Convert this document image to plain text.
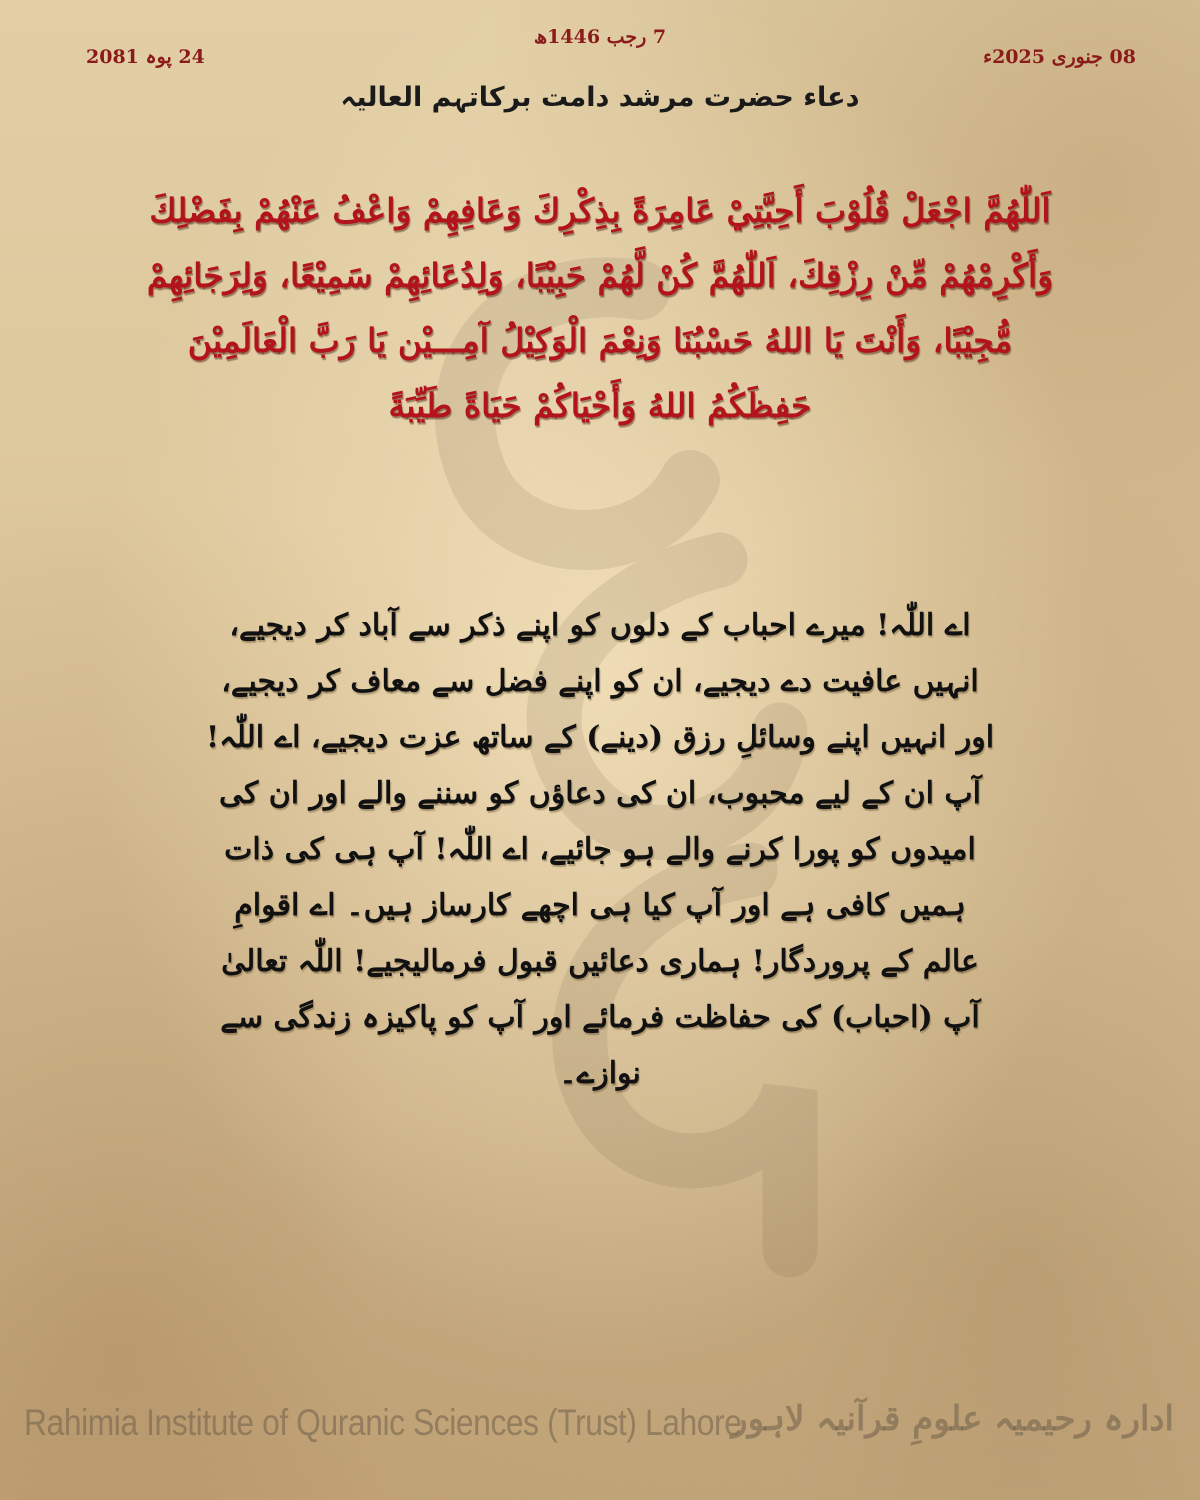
08 جنوری 2025ء

7 رجب 1446ھ

24 پوہ 2081

دعاء حضرت مرشد دامت برکاتہم العالیہ

اَللّٰهُمَّ اجْعَلْ قُلُوْبَ أَحِبَّتِيْ عَامِرَةً بِذِكْرِكَ وَعَافِهِمْ وَاعْفُ عَنْهُمْ بِفَضْلِكَ وَأَكْرِمْهُمْ مِّنْ رِزْقِكَ، اَللّٰهُمَّ كُنْ لَّهُمْ حَبِيْبًا، وَلِدُعَائِهِمْ سَمِيْعًا، وَلِرَجَائِهِمْ مُّجِيْبًا، وَأَنْتَ يَا اللهُ حَسْبُنَا وَنِعْمَ الْوَكِيْلُ آمِـــيْن يَا رَبَّ الْعَالَمِيْنَ حَفِظَكُمُ اللهُ وَأَحْيَاكُمْ حَيَاةً طَيِّبَةً

اے اللّٰہ! میرے احباب کے دلوں کو اپنے ذکر سے آباد کر دیجیے، انہیں عافیت دے دیجیے، ان کو اپنے فضل سے معاف کر دیجیے، اور انہیں اپنے وسائلِ رزق (دینے) کے ساتھ عزت دیجیے، اے اللّٰہ! آپ ان کے لیے محبوب، ان کی دعاؤں کو سننے والے اور ان کی امیدوں کو پورا کرنے والے ہو جائیے، اے اللّٰہ! آپ ہی کی ذات ہمیں کافی ہے اور آپ کیا ہی اچھے کارساز ہیں۔ اے اقوامِ عالم کے پروردگار! ہماری دعائیں قبول فرمالیجیے! اللّٰہ تعالیٰ آپ (احباب) کی حفاظت فرمائے اور آپ کو پاکیزہ زندگی سے نوازے۔

Rahimia Institute of Quranic Sciences (Trust) Lahore

ادارہ رحیمیہ علومِ قرآنیہ لاہور
